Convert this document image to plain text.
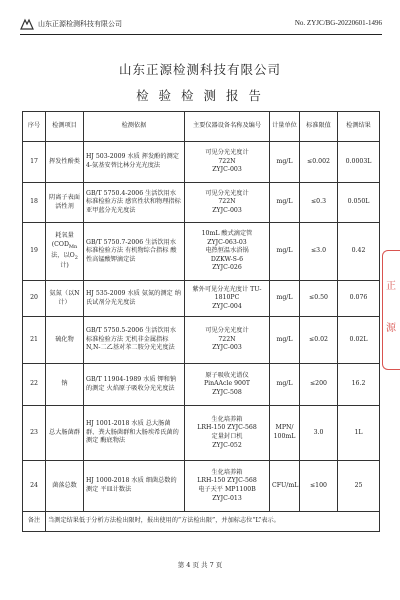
山东正源检测科技有限公司	No. ZYJC/BG-20220601-1496
山东正源检测科技有限公司
检 验 检 测 报 告
序号	检测项目	检测依据	主要仪器设备名称及编号	计量单位	标准限值	检测结果
17	挥发性酚类	HJ 503-2009 水质 挥发酚的测定 4-氨基安替比林分光光度法	可见分光光度计
722N
ZYJC-003	mg/L	≤0.002	0.0003L
18	阴离子表面活性剂	GB/T 5750.4-2006 生活饮用水标准检验方法 感官性状和物理指标 亚甲蓝分光光度法	可见分光光度计
722N
ZYJC-003	mg/L	≤0.3	0.050L
19	耗氧量
($COD_{Mn}$
法，以$O_2$
计)	GB/T 5750.7-2006 生活饮用水标准检验方法 有机物综合指标 酸性高锰酸钾滴定法	10mL 酸式滴定管
ZYJC-063-03
电热恒温水浴锅
DZKW-S-6
ZYJC-026	mg/L	≤3.0	0.42
20	氨氮（以N计）	HJ 535-2009 水质 氨氮的测定 纳氏试剂分光光度法	紫外可见分光光度计 TU-1810PC
ZYJC-004	mg/L	≤0.50	0.076
21	硫化物	GB/T 5750.5-2006 生活饮用水标准检验方法 无机非金属指标 N,N-二乙基对苯二胺分光光度法	可见分光光度计
722N
ZYJC-003	mg/L	≤0.02	0.02L
22	钠	GB/T 11904-1989 水质 钾和钠的测定 火焰原子吸收分光光度法	原子吸收光谱仪
PinAAcle 900T
ZYJC-508	mg/L	≤200	16.2
23	总大肠菌群	HJ 1001-2018 水质 总大肠菌群、粪大肠菌群和大肠埃希氏菌的测定 酶底物法	生化培养箱
LRH-150 ZYJC-568
定量封口机
ZYJC-052	MPN/
100mL	3.0	1L
24	菌落总数	HJ 1000-2018 水质 细菌总数的测定 平皿计数法	生化培养箱
LRH-150 ZYJC-568
电子天平 MP1100B
ZYJC-013	CFU/mL	≤100	25
备注	当测定结果低于分析方法检出限时，报出使用的“方法检出限”，并加标志位“L”表示。					
正
源
第 4 页 共 7 页
